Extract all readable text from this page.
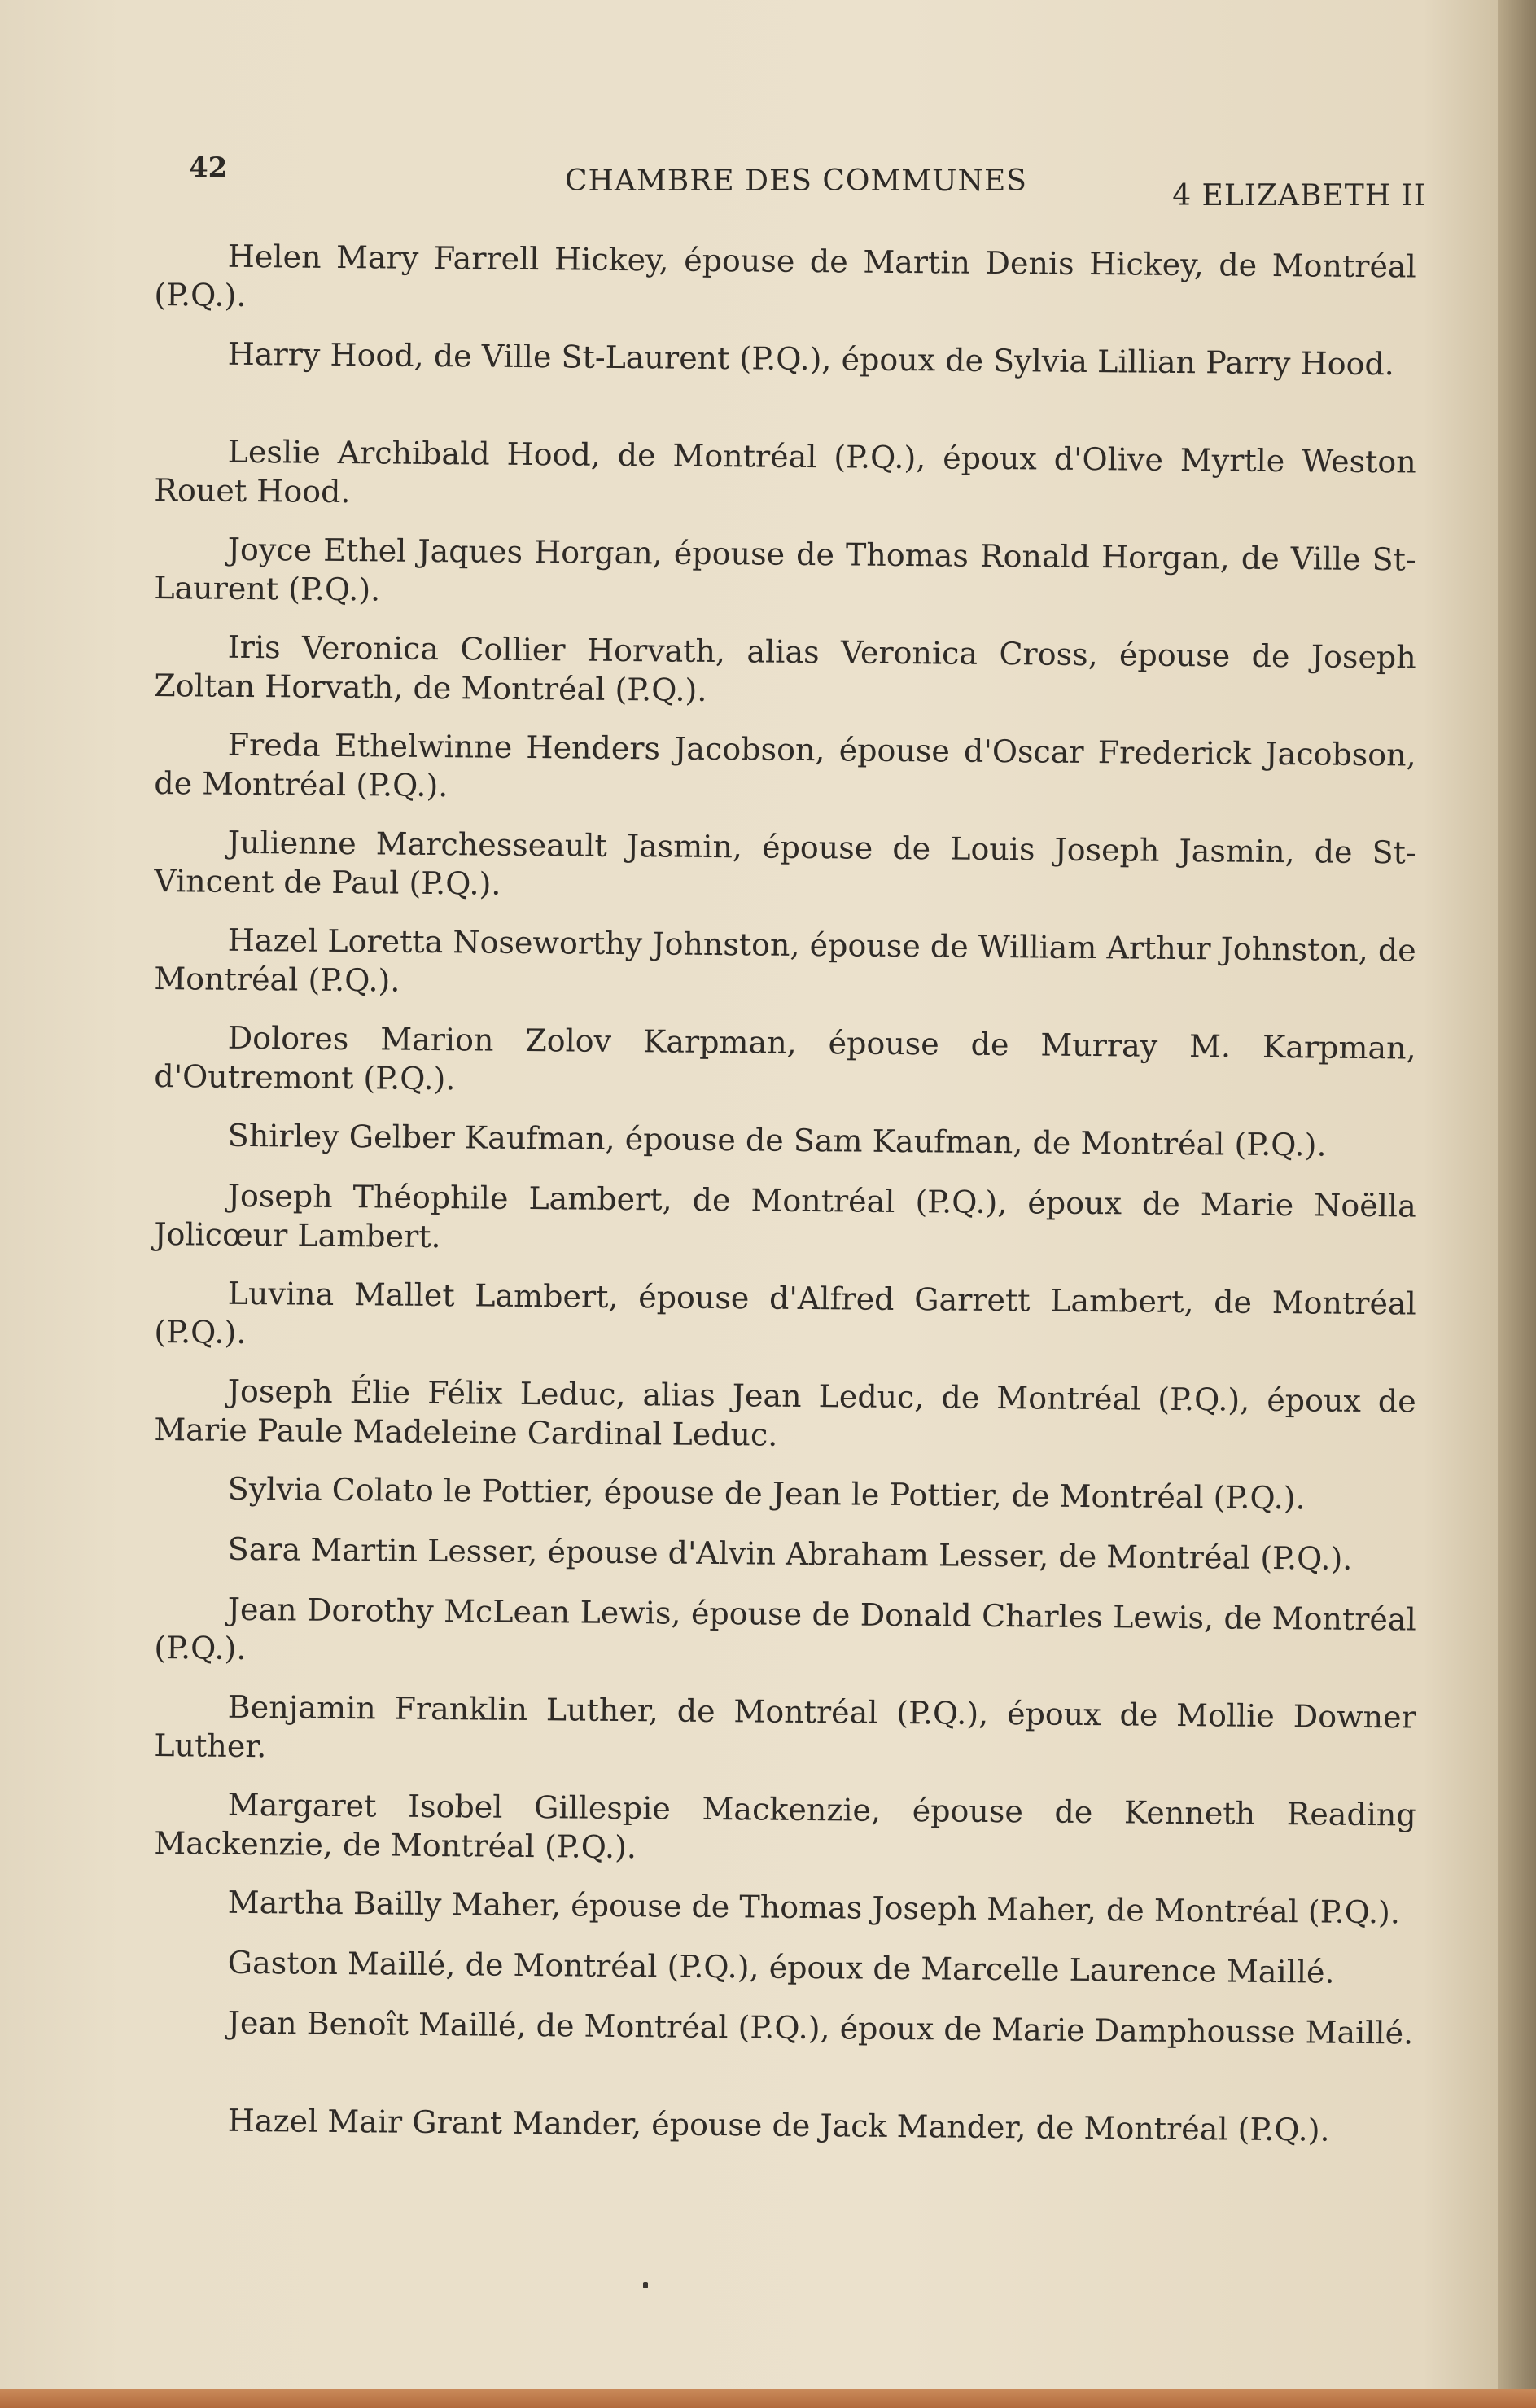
42	CHAMBRE DES COMMUNES	4 ELIZABETH II

Helen Mary Farrell Hickey, épouse de Martin Denis Hickey, de Montréal (P.Q.).

Harry Hood, de Ville St-Laurent (P.Q.), époux de Sylvia Lillian Parry Hood.

Leslie Archibald Hood, de Montréal (P.Q.), époux d'Olive Myrtle Weston Rouet Hood.

Joyce Ethel Jaques Horgan, épouse de Thomas Ronald Horgan, de Ville St-Laurent (P.Q.).

Iris Veronica Collier Horvath, alias Veronica Cross, épouse de Joseph Zoltan Horvath, de Montréal (P.Q.).

Freda Ethelwinne Henders Jacobson, épouse d'Oscar Frederick Jacobson, de Montréal (P.Q.).

Julienne Marchesseault Jasmin, épouse de Louis Joseph Jasmin, de St-Vincent de Paul (P.Q.).

Hazel Loretta Noseworthy Johnston, épouse de William Arthur Johnston, de Montréal (P.Q.).

Dolores Marion Zolov Karpman, épouse de Murray M. Karpman, d'Outremont (P.Q.).

Shirley Gelber Kaufman, épouse de Sam Kaufman, de Montréal (P.Q.).

Joseph Théophile Lambert, de Montréal (P.Q.), époux de Marie Noëlla Jolicœur Lambert.

Luvina Mallet Lambert, épouse d'Alfred Garrett Lambert, de Montréal (P.Q.).

Joseph Élie Félix Leduc, alias Jean Leduc, de Montréal (P.Q.), époux de Marie Paule Madeleine Cardinal Leduc.

Sylvia Colato le Pottier, épouse de Jean le Pottier, de Montréal (P.Q.).

Sara Martin Lesser, épouse d'Alvin Abraham Lesser, de Montréal (P.Q.).

Jean Dorothy McLean Lewis, épouse de Donald Charles Lewis, de Montréal (P.Q.).

Benjamin Franklin Luther, de Montréal (P.Q.), époux de Mollie Downer Luther.

Margaret Isobel Gillespie Mackenzie, épouse de Kenneth Reading Mackenzie, de Montréal (P.Q.).

Martha Bailly Maher, épouse de Thomas Joseph Maher, de Montréal (P.Q.).

Gaston Maillé, de Montréal (P.Q.), époux de Marcelle Laurence Maillé.

Jean Benoît Maillé, de Montréal (P.Q.), époux de Marie Damphousse Maillé.

Hazel Mair Grant Mander, épouse de Jack Mander, de Montréal (P.Q.).
